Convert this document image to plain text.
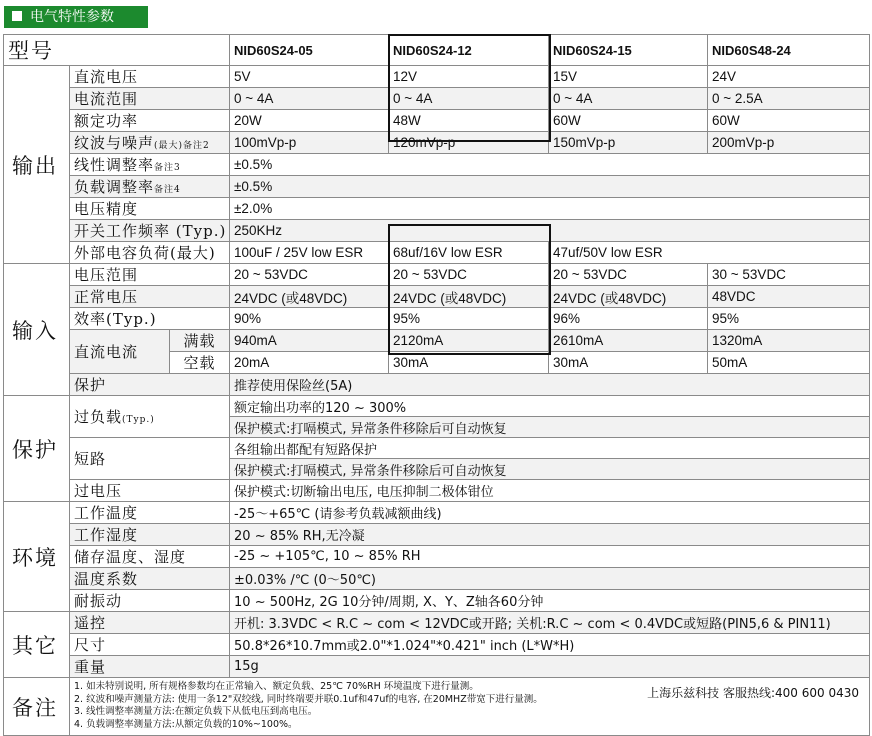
电气特性参数
型号			NID60S24-05	NID60S24-12	NID60S24-15	NID60S48-24
输出	直流电压		5V	12V	15V	24V
	电流范围		0 ~ 4A	0 ~ 4A	0 ~ 4A	0 ~ 2.5A
	额定功率		20W	48W	60W	60W
	纹波与噪声(最大)备注2		100mVp-p	120mVp-p	150mVp-p	200mVp-p
	线性调整率备注3		±0.5%			
	负载调整率备注4		±0.5%			
	电压精度		±2.0%			
	开关工作频率 (Typ.)		250KHz			
	外部电容负荷(最大)		100uF / 25V low ESR	68uf/16V low ESR	47uf/50V low ESR	
输入	电压范围		20 ~ 53VDC	20 ~ 53VDC	20 ~ 53VDC	30 ~ 53VDC
	正常电压		24VDC (或48VDC)	24VDC (或48VDC)	24VDC (或48VDC)	48VDC
	效率(Typ.)		90%	95%	96%	95%
	直流电流	满载	940mA	2120mA	2610mA	1320mA
		空载	20mA	30mA	30mA	50mA
	保护		推荐使用保险丝(5A)			
保护	过负载(Typ.)		额定输出功率的120 ~ 300%			
			保护模式:打嗝模式, 异常条件移除后可自动恢复			
	短路		各组输出都配有短路保护			
			保护模式:打嗝模式, 异常条件移除后可自动恢复			
	过电压		保护模式:切断输出电压, 电压抑制二极体钳位			
环境	工作温度		-25～+65℃ (请参考负载减额曲线)			
	工作湿度		20 ~ 85% RH,无冷凝			
	储存温度、湿度		-25 ~ +105℃, 10 ~ 85% RH			
	温度系数		±0.03% /℃ (0～50℃)			
	耐振动		10 ~ 500Hz, 2G 10分钟/周期, X、Y、Z轴各60分钟			
其它	遥控		开机: 3.3VDC < R.C ~ com < 12VDC或开路; 关机:R.C ~ com < 0.4VDC或短路(PIN5,6 & PIN11)			
	尺寸		50.8*26*10.7mm或2.0"*1.024"*0.421" inch (L*W*H)			
	重量		15g			
备注	1. 如未特别说明, 所有规格参数均在正常输入、额定负载、25℃ 70%RH 环境温度下进行量测。
2. 纹波和噪声测量方法: 使用一条12"双绞线, 同时终端要并联0.1uf和47uf的电容, 在20MHZ带宽下进行量测。
3. 线性调整率测量方法:在额定负载下从低电压到高电压。
4. 负载调整率测量方法:从额定负载的10%~100%。
上海乐兹科技 客服热线:400 600 0430					
